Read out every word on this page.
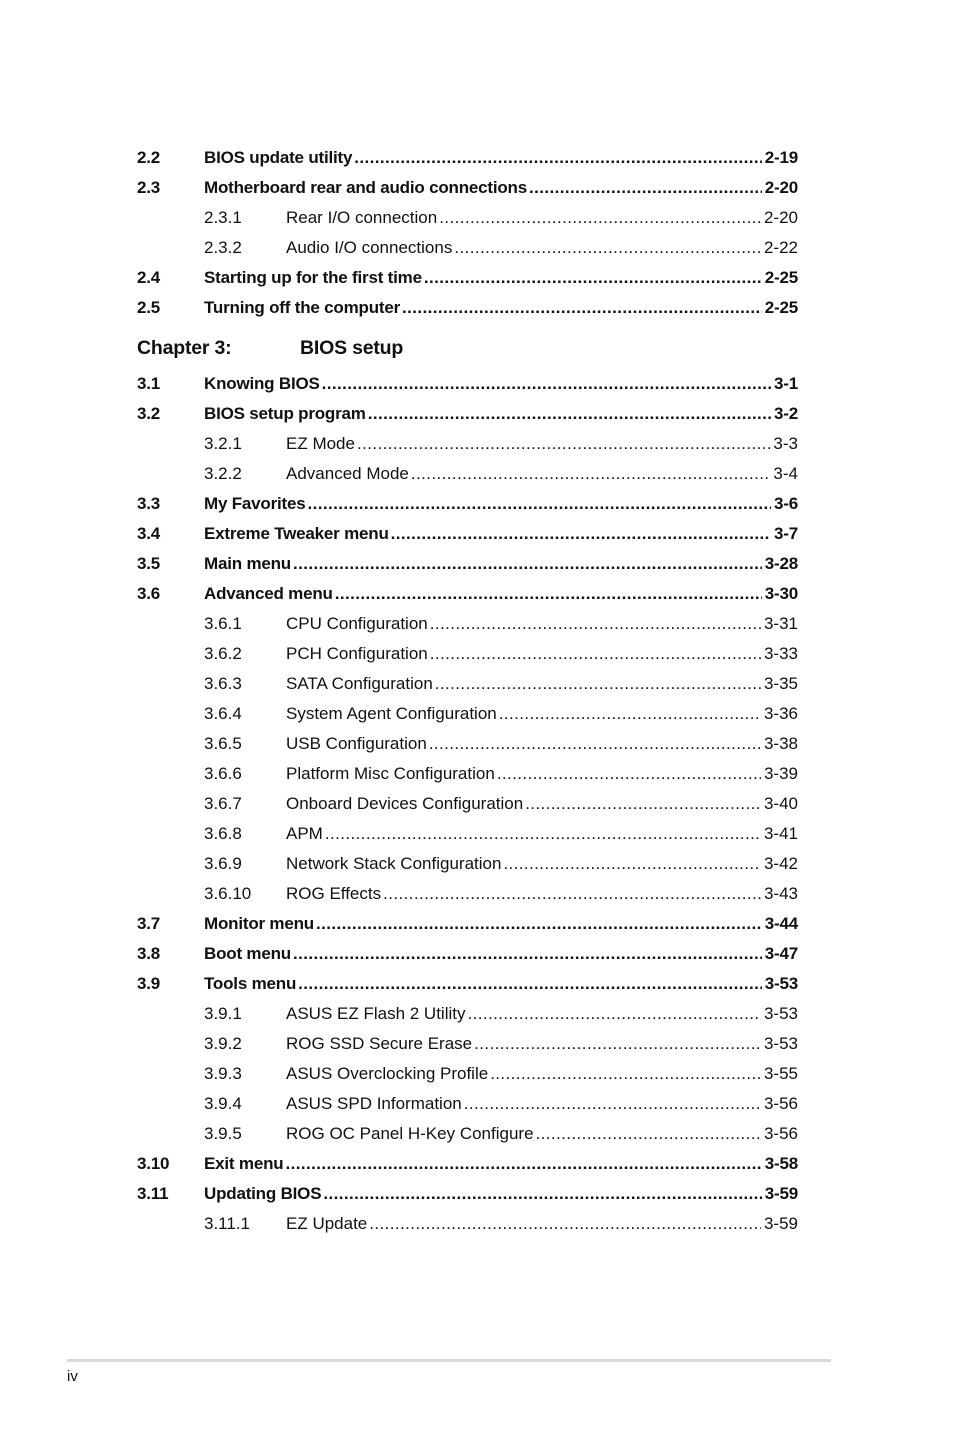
2.2	BIOS update utility .....	2-19
2.3	Motherboard rear and audio connections .....	2-20
2.3.1	Rear I/O connection .....	2-20
2.3.2	Audio I/O connections .....	2-22
2.4	Starting up for the first time .....	2-25
2.5	Turning off the computer .....	2-25
Chapter 3:	BIOS setup
3.1	Knowing BIOS .....	3-1
3.2	BIOS setup program .....	3-2
3.2.1	EZ Mode .....	3-3
3.2.2	Advanced Mode .....	3-4
3.3	My Favorites .....	3-6
3.4	Extreme Tweaker menu .....	3-7
3.5	Main menu .....	3-28
3.6	Advanced menu .....	3-30
3.6.1	CPU Configuration .....	3-31
3.6.2	PCH Configuration .....	3-33
3.6.3	SATA Configuration .....	3-35
3.6.4	System Agent Configuration .....	3-36
3.6.5	USB Configuration .....	3-38
3.6.6	Platform Misc Configuration .....	3-39
3.6.7	Onboard Devices Configuration .....	3-40
3.6.8	APM .....	3-41
3.6.9	Network Stack Configuration .....	3-42
3.6.10	ROG Effects .....	3-43
3.7	Monitor menu .....	3-44
3.8	Boot menu .....	3-47
3.9	Tools menu .....	3-53
3.9.1	ASUS EZ Flash 2 Utility .....	3-53
3.9.2	ROG SSD Secure Erase .....	3-53
3.9.3	ASUS Overclocking Profile .....	3-55
3.9.4	ASUS SPD Information .....	3-56
3.9.5	ROG OC Panel H-Key Configure .....	3-56
3.10	Exit menu .....	3-58
3.11	Updating BIOS .....	3-59
3.11.1	EZ Update .....	3-59
iv
